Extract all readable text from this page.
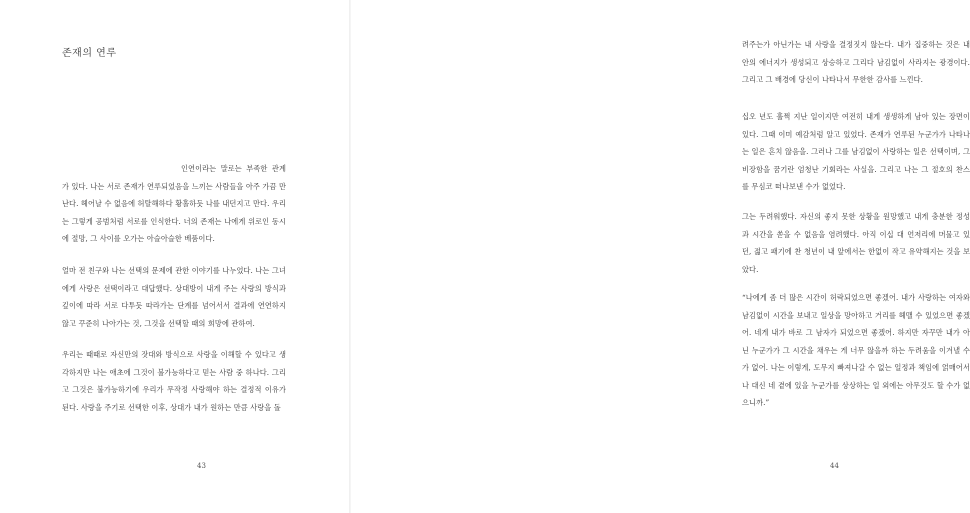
존재의 연루

인연이라는 말로는 부족한 관계가 있다. 나는 서로 존재가 연루되었음을 느끼는 사람들을 아주 가끔 만난다. 헤어날 수 없음에 허탈해하다 황홀하듯 나를 내던지고 만다. 우리는 그렇게 공범처럼 서로를 인식한다. 너의 존재는 나에게 위로인 동시에 절망, 그 사이를 오가는 아슬아슬한 베품이다.

얼마 전 친구와 나는 선택의 문제에 관한 이야기를 나누었다. 나는 그녀에게 사랑은 선택이라고 대답했다. 상대방이 내게 주는 사랑의 방식과 깊이에 따라 서로 다투듯 따라가는 단계를 넘어서서 결과에 연연하지 않고 꾸준히 나아가는 것, 그것을 선택할 때의 희망에 관하여.

우리는 때때로 자신만의 잣대와 방식으로 사랑을 이해할 수 있다고 생각하지만 나는 애초에 그것이 불가능하다고 믿는 사람 중 하나다. 그리고 그것은 불가능하기에 우리가 무작정 사랑해야 하는 결정적 이유가 된다. 사랑을 주기로 선택한 이후, 상대가 내가 원하는 만큼 사랑을 돌

43

려주는가 아닌가는 내 사랑을 결정짓지 않는다. 내가 집중하는 것은 내 안의 에너지가 생성되고 상승하고 그리다 남김없이 사라지는 광경이다. 그리고 그 배경에 당신이 나타나서 무한한 감사를 느낀다.

십오 년도 훌쩍 지난 일이지만 여전히 내게 생생하게 남아 있는 장면이 있다. 그때 이미 예감처럼 알고 있었다. 존재가 연루된 누군가가 나타나는 일은 흔치 않음을. 그러나 그를 남김없이 사랑하는 일은 선택이며, 그 비장함을 꿈기란 엄청난 기회라는 사실을. 그리고 나는 그 절호의 찬스를 무심코 떠나보낸 수가 없었다.

그는 두려워했다. 자신의 좋지 못한 상황을 원망했고 내게 충분한 정성과 시간을 쏟을 수 없음을 염려했다. 아직 이십 대 언저리에 머물고 있던, 젊고 패기에 찬 청년이 내 앞에서는 한없이 작고 유약해지는 것을 보았다.

“나에게 좀 더 많은 시간이 허락되었으면 좋겠어. 내가 사랑하는 여자와 남김없이 시간을 보내고 일상을 망아하고 거리를 헤맬 수 있었으면 좋겠어. 네게 내가 바로 그 남자가 되었으면 좋겠어. 하지만 자꾸만 내가 아닌 누군가가 그 시간을 채우는 게 너무 않을까 하는 두려움을 이겨낼 수가 없어. 나는 이렇게, 도무지 빠져나갈 수 없는 일정과 책임에 얽매어서 나 대신 네 곁에 있을 누군가를 상상하는 일 외에는 아무것도 할 수가 없으니까.”

44
